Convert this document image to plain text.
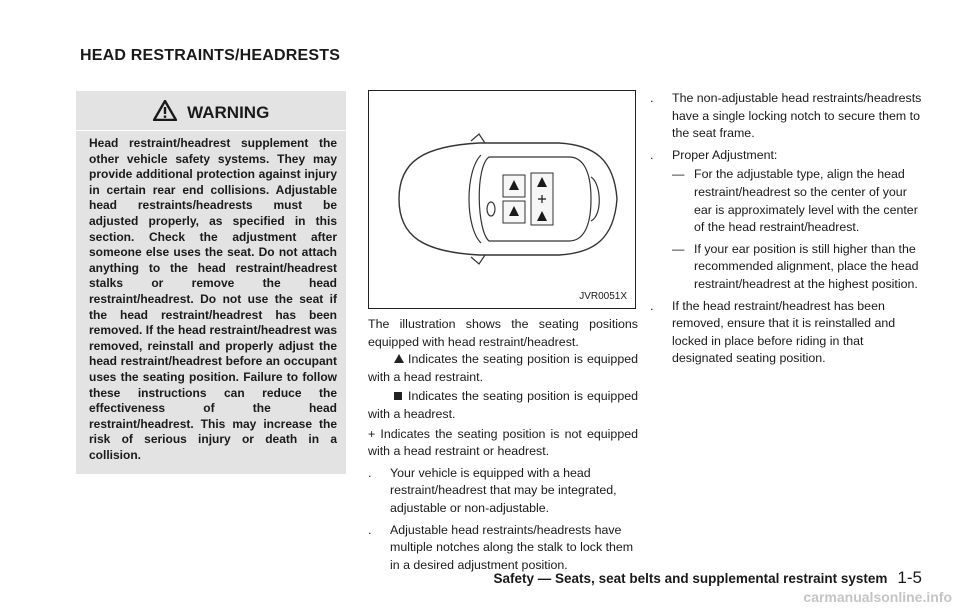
HEAD RESTRAINTS/HEADRESTS
WARNING
Head restraint/headrest supplement the other vehicle safety systems. They may provide additional protection against injury in certain rear end collisions. Adjustable head restraints/headrests must be adjusted properly, as specified in this section. Check the adjustment after someone else uses the seat. Do not attach anything to the head restraint/headrest stalks or remove the head restraint/headrest. Do not use the seat if the head restraint/headrest has been removed. If the head restraint/headrest was removed, reinstall and properly adjust the head restraint/headrest before an occupant uses the seating position. Failure to follow these instructions can reduce the effectiveness of the head restraint/headrest. This may increase the risk of serious injury or death in a collision.
JVR0051X

The illustration shows the seating positions equipped with head restraint/headrest.

Indicates the seating position is equipped with a head restraint.

Indicates the seating position is equipped with a headrest.

+ Indicates the seating position is not equipped with a head restraint or headrest.

. Your vehicle is equipped with a head restraint/headrest that may be integrated, adjustable or non-adjustable.
. Adjustable head restraints/headrests have multiple notches along the stalk to lock them in a desired adjustment position.
. The non-adjustable head restraints/headrests have a single locking notch to secure them to the seat frame.
. Proper Adjustment:
— For the adjustable type, align the head restraint/headrest so the center of your ear is approximately level with the center of the head restraint/headrest.
— If your ear position is still higher than the recommended alignment, place the head restraint/headrest at the highest position.
. If the head restraint/headrest has been removed, ensure that it is reinstalled and locked in place before riding in that designated seating position.
Safety — Seats, seat belts and supplemental restraint system 1-5
carmanualsonline.info
